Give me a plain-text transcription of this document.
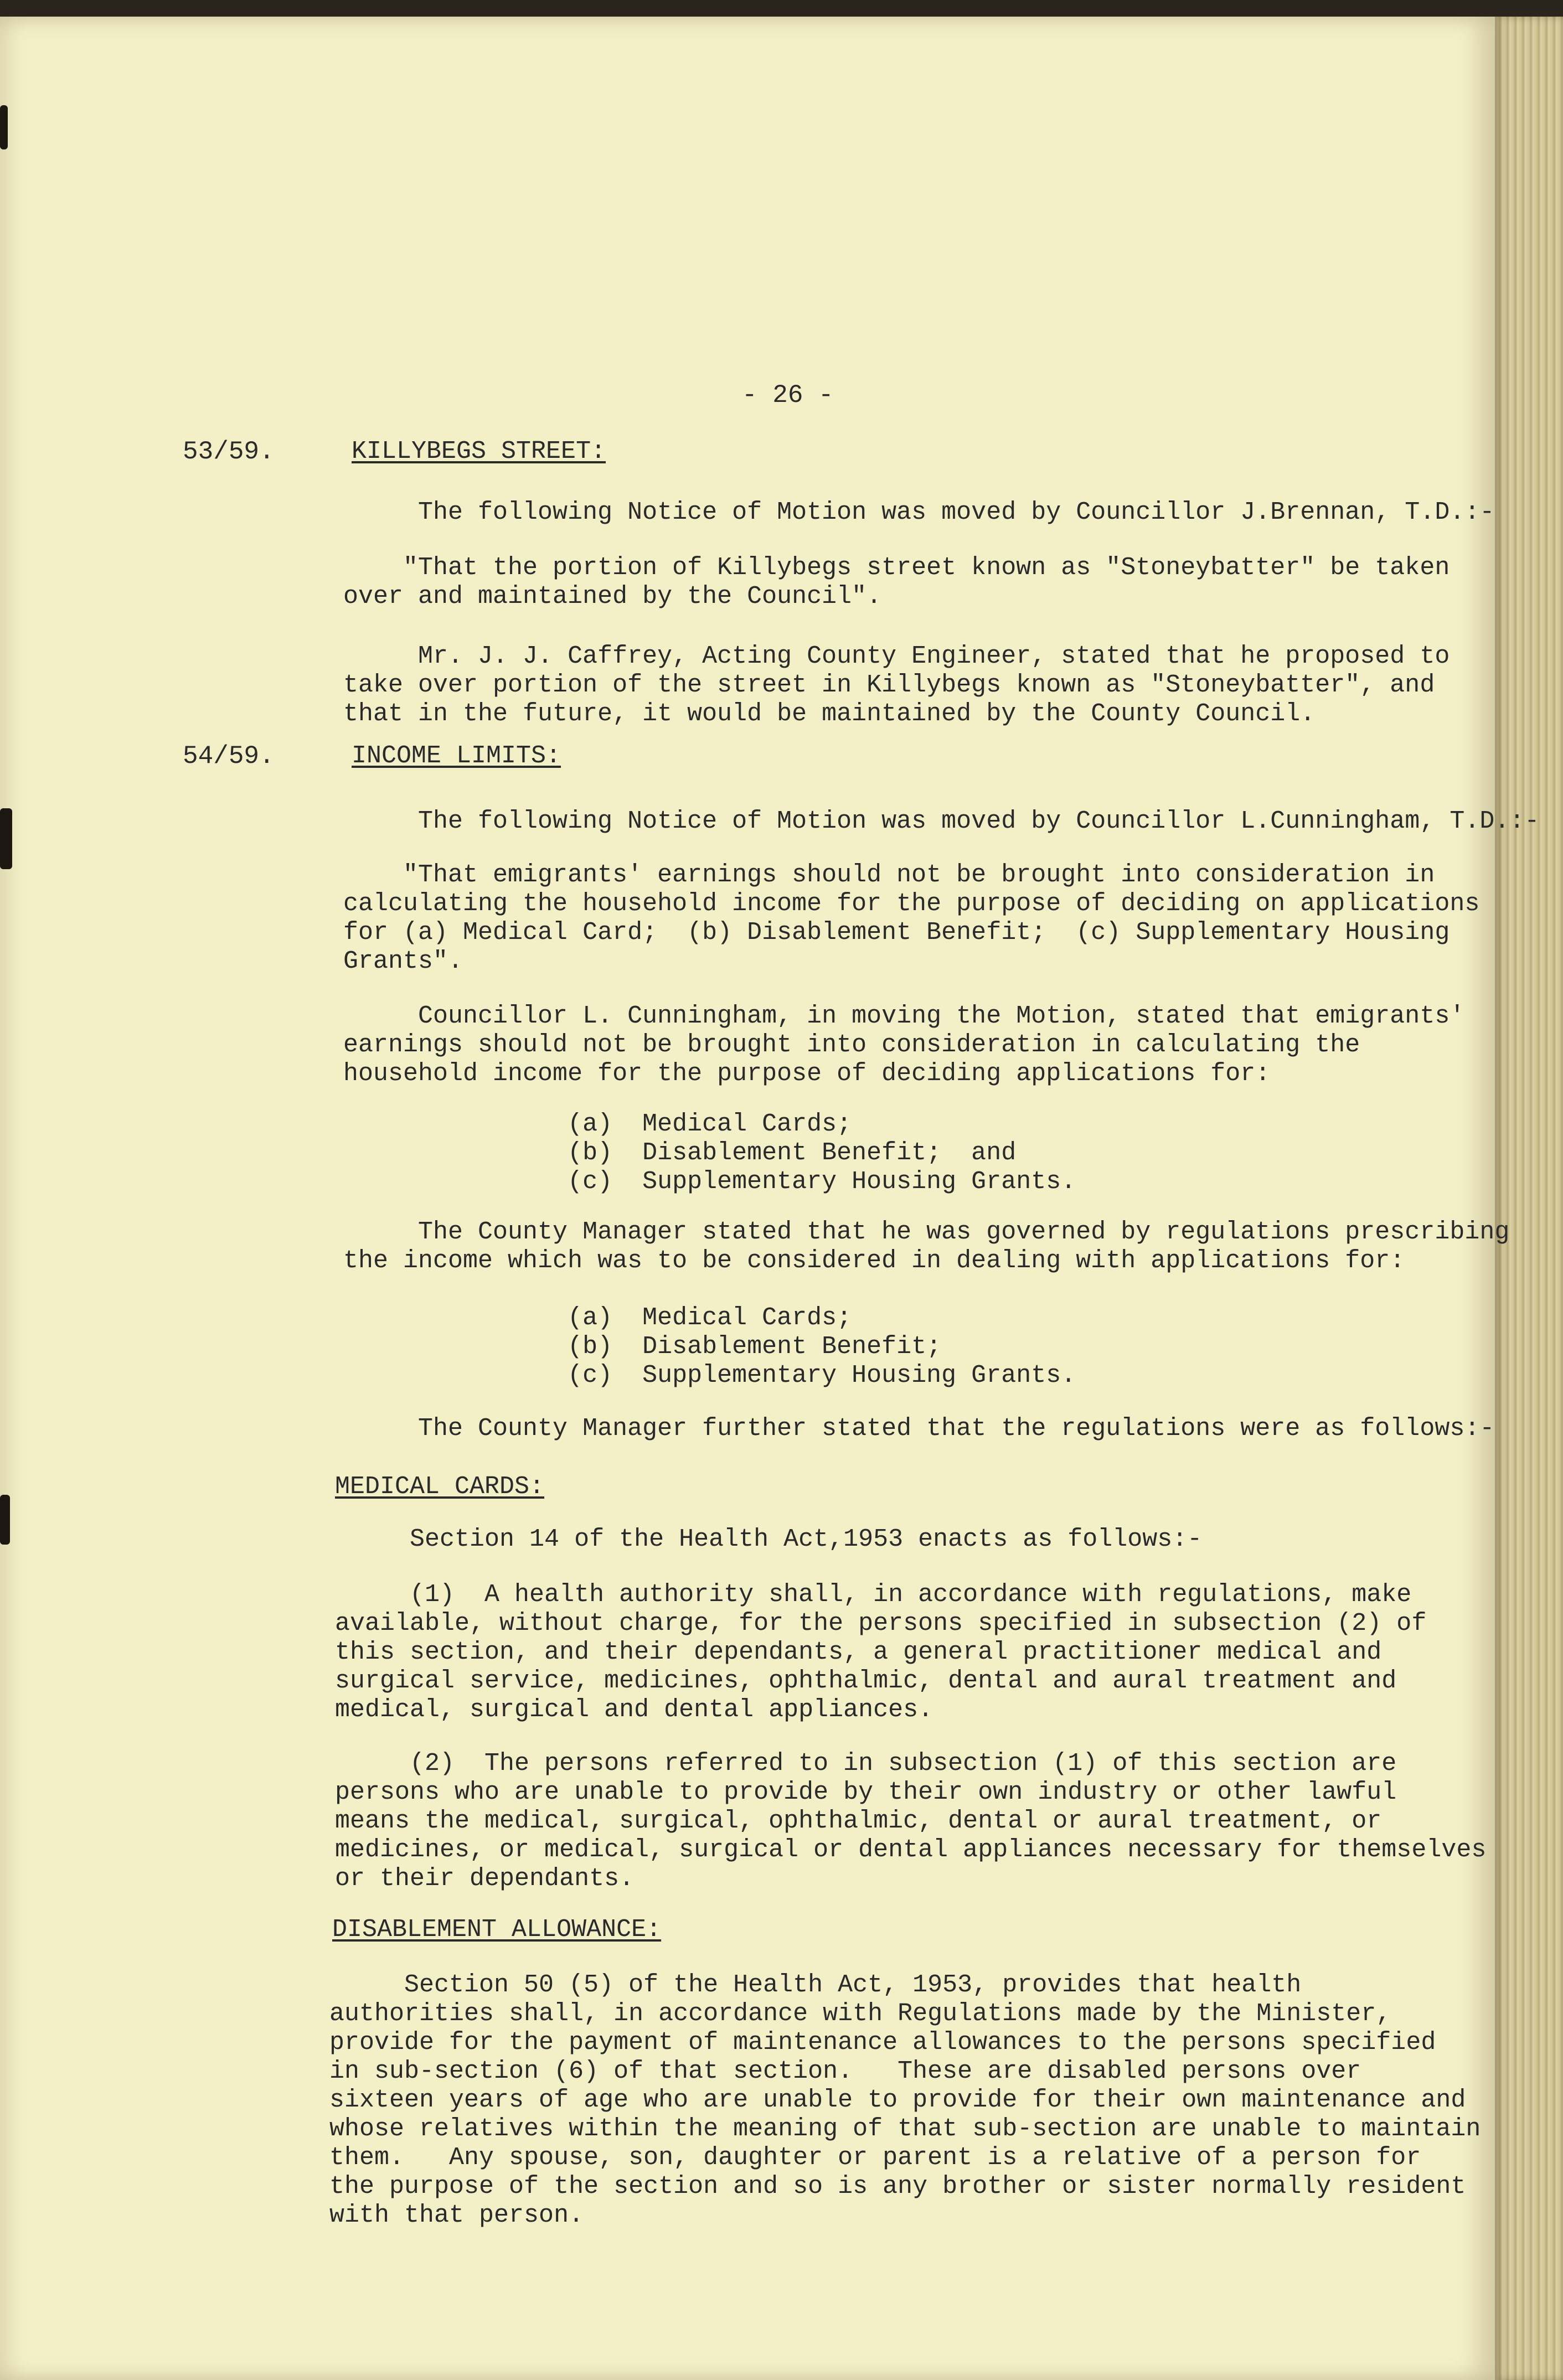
- 26 -
53/59.	KILLYBEGS STREET:
The following Notice of Motion was moved by Councillor J.Brennan, T.D.:-
"That the portion of Killybegs street known as "Stoneybatter" be taken
over and maintained by the Council".
Mr. J. J. Caffrey, Acting County Engineer, stated that he proposed to
take over portion of the street in Killybegs known as "Stoneybatter", and
that in the future, it would be maintained by the County Council.
54/59.	INCOME LIMITS:
The following Notice of Motion was moved by Councillor L.Cunningham, T.D.:-
"That emigrants' earnings should not be brought into consideration in
calculating the household income for the purpose of deciding on applications
for (a) Medical Card;  (b) Disablement Benefit;  (c) Supplementary Housing
Grants".
Councillor L. Cunningham, in moving the Motion, stated that emigrants'
earnings should not be brought into consideration in calculating the
household income for the purpose of deciding applications for:
(a)  Medical Cards;
(b)  Disablement Benefit;  and
(c)  Supplementary Housing Grants.
The County Manager stated that he was governed by regulations prescribing
the income which was to be considered in dealing with applications for:
(a)  Medical Cards;
(b)  Disablement Benefit;
(c)  Supplementary Housing Grants.
The County Manager further stated that the regulations were as follows:-
MEDICAL CARDS:
Section 14 of the Health Act,1953 enacts as follows:-
(1)  A health authority shall, in accordance with regulations, make
available, without charge, for the persons specified in subsection (2) of
this section, and their dependants, a general practitioner medical and
surgical service, medicines, ophthalmic, dental and aural treatment and
medical, surgical and dental appliances.
(2)  The persons referred to in subsection (1) of this section are
persons who are unable to provide by their own industry or other lawful
means the medical, surgical, ophthalmic, dental or aural treatment, or
medicines, or medical, surgical or dental appliances necessary for themselves
or their dependants.
DISABLEMENT ALLOWANCE:
Section 50 (5) of the Health Act, 1953, provides that health
authorities shall, in accordance with Regulations made by the Minister,
provide for the payment of maintenance allowances to the persons specified
in sub-section (6) of that section.   These are disabled persons over
sixteen years of age who are unable to provide for their own maintenance and
whose relatives within the meaning of that sub-section are unable to maintain
them.   Any spouse, son, daughter or parent is a relative of a person for
the purpose of the section and so is any brother or sister normally resident
with that person.
